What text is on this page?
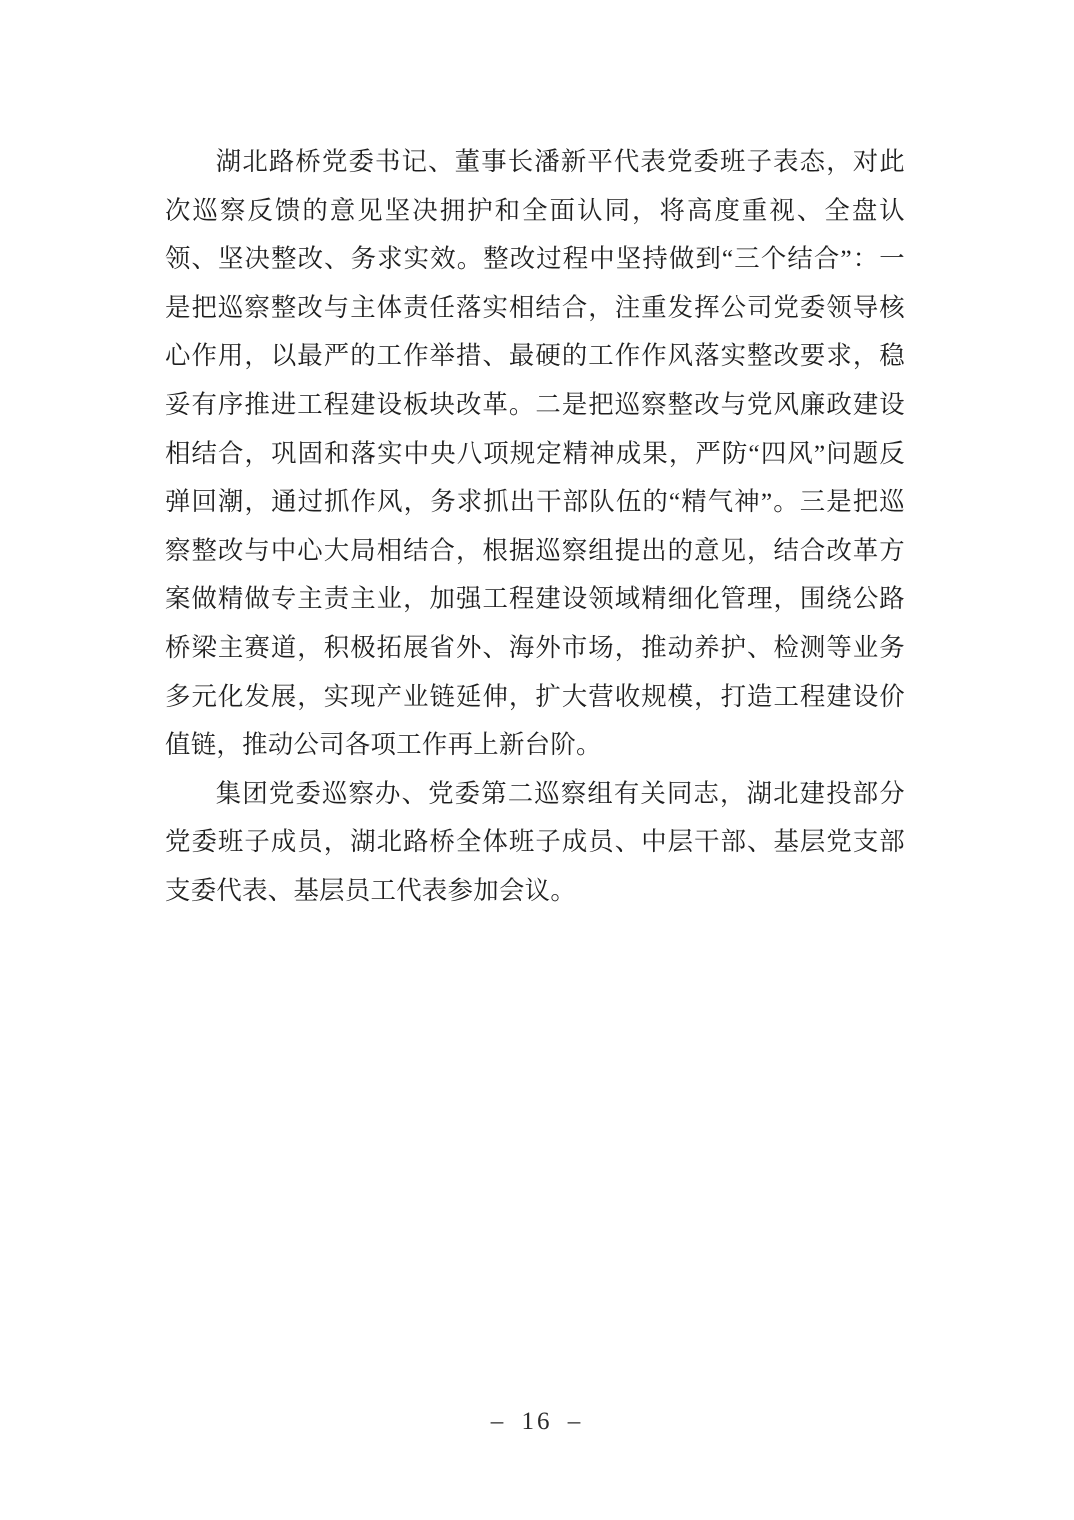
湖北路桥党委书记、董事长潘新平代表党委班子表态，对此次巡察反馈的意见坚决拥护和全面认同，将高度重视、全盘认领、坚决整改、务求实效。整改过程中坚持做到“三个结合”：一是把巡察整改与主体责任落实相结合，注重发挥公司党委领导核心作用，以最严的工作举措、最硬的工作作风落实整改要求，稳妥有序推进工程建设板块改革。二是把巡察整改与党风廉政建设相结合，巩固和落实中央八项规定精神成果，严防“四风”问题反弹回潮，通过抓作风，务求抓出干部队伍的“精气神”。三是把巡察整改与中心大局相结合，根据巡察组提出的意见，结合改革方案做精做专主责主业，加强工程建设领域精细化管理，围绕公路桥梁主赛道，积极拓展省外、海外市场，推动养护、检测等业务多元化发展，实现产业链延伸，扩大营收规模，打造工程建设价值链，推动公司各项工作再上新台阶。

集团党委巡察办、党委第二巡察组有关同志，湖北建投部分党委班子成员，湖北路桥全体班子成员、中层干部、基层党支部支委代表、基层员工代表参加会议。

– 16 –
